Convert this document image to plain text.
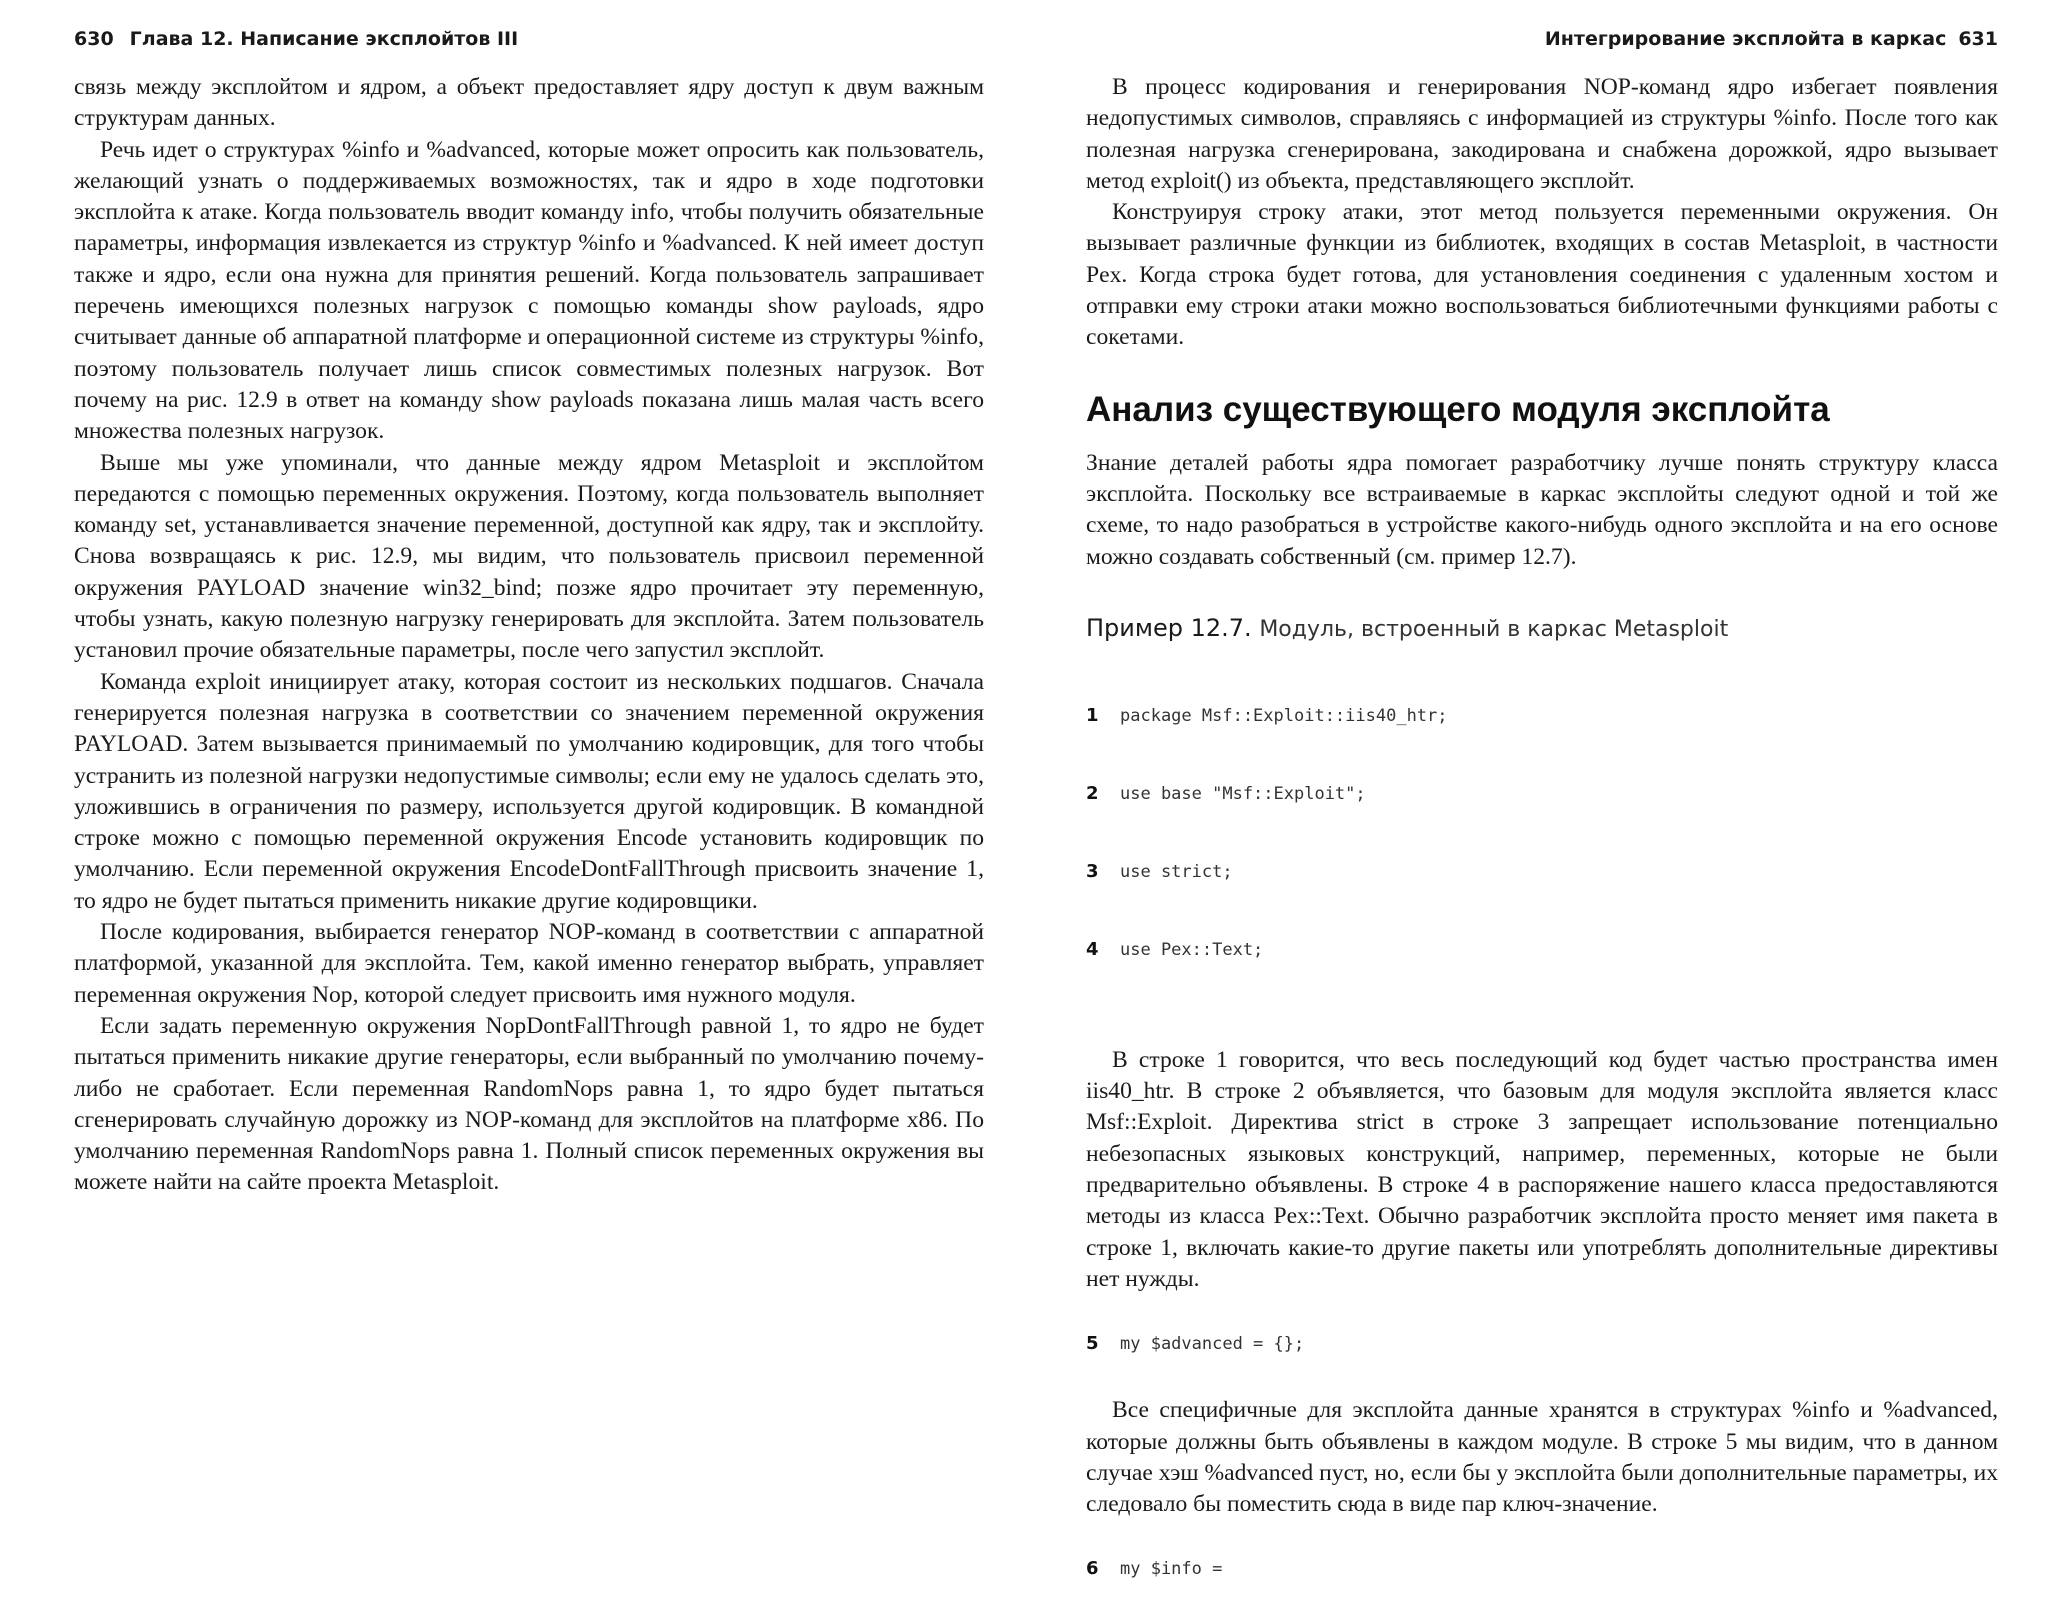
630 Глава 12. Написание эксплойтов III

связь между эксплойтом и ядром, а объект предоставляет ядру доступ к двум важным структурам данных.

Речь идет о структурах %info и %advanced, которые может опросить как пользователь, желающий узнать о поддерживаемых возможностях, так и ядро в ходе подготовки эксплойта к атаке. Когда пользователь вводит команду info, чтобы получить обязательные параметры, информация извлекается из структур %info и %advanced. К ней имеет доступ также и ядро, если она нужна для принятия решений. Когда пользователь запрашивает перечень имеющихся полезных нагрузок с помощью команды show payloads, ядро считывает данные об аппаратной платформе и операционной системе из структуры %info, поэтому пользователь получает лишь список совместимых полезных нагрузок. Вот почему на рис. 12.9 в ответ на команду show payloads показана лишь малая часть всего множества полезных нагрузок.

Выше мы уже упоминали, что данные между ядром Metasploit и эксплойтом передаются с помощью переменных окружения. Поэтому, когда пользователь выполняет команду set, устанавливается значение переменной, доступной как ядру, так и эксплойту. Снова возвращаясь к рис. 12.9, мы видим, что пользователь присвоил переменной окружения PAYLOAD значение win32_bind; позже ядро прочитает эту переменную, чтобы узнать, какую полезную нагрузку генерировать для эксплойта. Затем пользователь установил прочие обязательные параметры, после чего запустил эксплойт.

Команда exploit инициирует атаку, которая состоит из нескольких подшагов. Сначала генерируется полезная нагрузка в соответствии со значением переменной окружения PAYLOAD. Затем вызывается принимаемый по умолчанию кодировщик, для того чтобы устранить из полезной нагрузки недопустимые символы; если ему не удалось сделать это, уложившись в ограничения по размеру, используется другой кодировщик. В командной строке можно с помощью переменной окружения Encode установить кодировщик по умолчанию. Если переменной окружения EncodeDontFallThrough присвоить значение 1, то ядро не будет пытаться применить никакие другие кодировщики.

После кодирования, выбирается генератор NOP-команд в соответствии с аппаратной платформой, указанной для эксплойта. Тем, какой именно генератор выбрать, управляет переменная окружения Nop, которой следует присвоить имя нужного модуля.

Если задать переменную окружения NopDontFallThrough равной 1, то ядро не будет пытаться применить никакие другие генераторы, если выбранный по умолчанию почему-либо не сработает. Если переменная RandomNops равна 1, то ядро будет пытаться сгенерировать случайную дорожку из NOP-команд для эксплойтов на платформе x86. По умолчанию переменная RandomNops равна 1. Полный список переменных окружения вы можете найти на сайте проекта Metasploit.

Интегрирование эксплойта в каркас 631

В процесс кодирования и генерирования NOP-команд ядро избегает появления недопустимых символов, справляясь с информацией из структуры %info. После того как полезная нагрузка сгенерирована, закодирована и снабжена дорожкой, ядро вызывает метод exploit() из объекта, представляющего эксплойт.

Конструируя строку атаки, этот метод пользуется переменными окружения. Он вызывает различные функции из библиотек, входящих в состав Metasploit, в частности Pex. Когда строка будет готова, для установления соединения с удаленным хостом и отправки ему строки атаки можно воспользоваться библиотечными функциями работы с сокетами.

Анализ существующего модуля эксплойта

Знание деталей работы ядра помогает разработчику лучше понять структуру класса эксплойта. Поскольку все встраиваемые в каркас эксплойты следуют одной и той же схеме, то надо разобраться в устройстве какого-нибудь одного эксплойта и на его основе можно создавать собственный (см. пример 12.7).

Пример 12.7. Модуль, встроенный в каркас Metasploit

1 package Msf::Exploit::iis40_htr;

2 use base "Msf::Exploit";

3 use strict;

4 use Pex::Text;

В строке 1 говорится, что весь последующий код будет частью пространства имен iis40_htr. В строке 2 объявляется, что базовым для модуля эксплойта является класс Msf::Exploit. Директива strict в строке 3 запрещает использование потенциально небезопасных языковых конструкций, например, переменных, которые не были предварительно объявлены. В строке 4 в распоряжение нашего класса предоставляются методы из класса Pex::Text. Обычно разработчик эксплойта просто меняет имя пакета в строке 1, включать какие-то другие пакеты или употреблять дополнительные директивы нет нужды.

5 my $advanced = {};

Все специфичные для эксплойта данные хранятся в структурах %info и %advanced, которые должны быть объявлены в каждом модуле. В строке 5 мы видим, что в данном случае хэш %advanced пуст, но, если бы у эксплойта были дополнительные параметры, их следовало бы поместить сюда в виде пар ключ-значение.

6 my $info =
